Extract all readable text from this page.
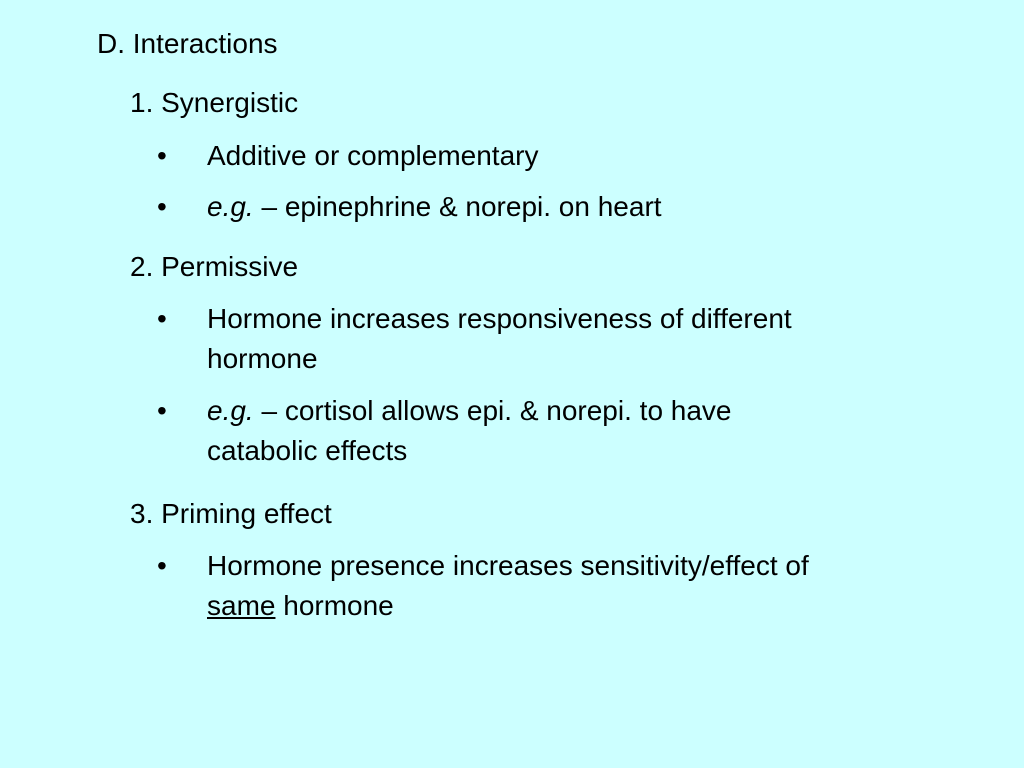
D. Interactions
1. Synergistic
• Additive or complementary
• e.g. – epinephrine & norepi. on heart
2. Permissive
• Hormone increases responsiveness of different
hormone
• e.g. – cortisol allows epi. & norepi. to have
catabolic effects
3. Priming effect
• Hormone presence increases sensitivity/effect of
same hormone
